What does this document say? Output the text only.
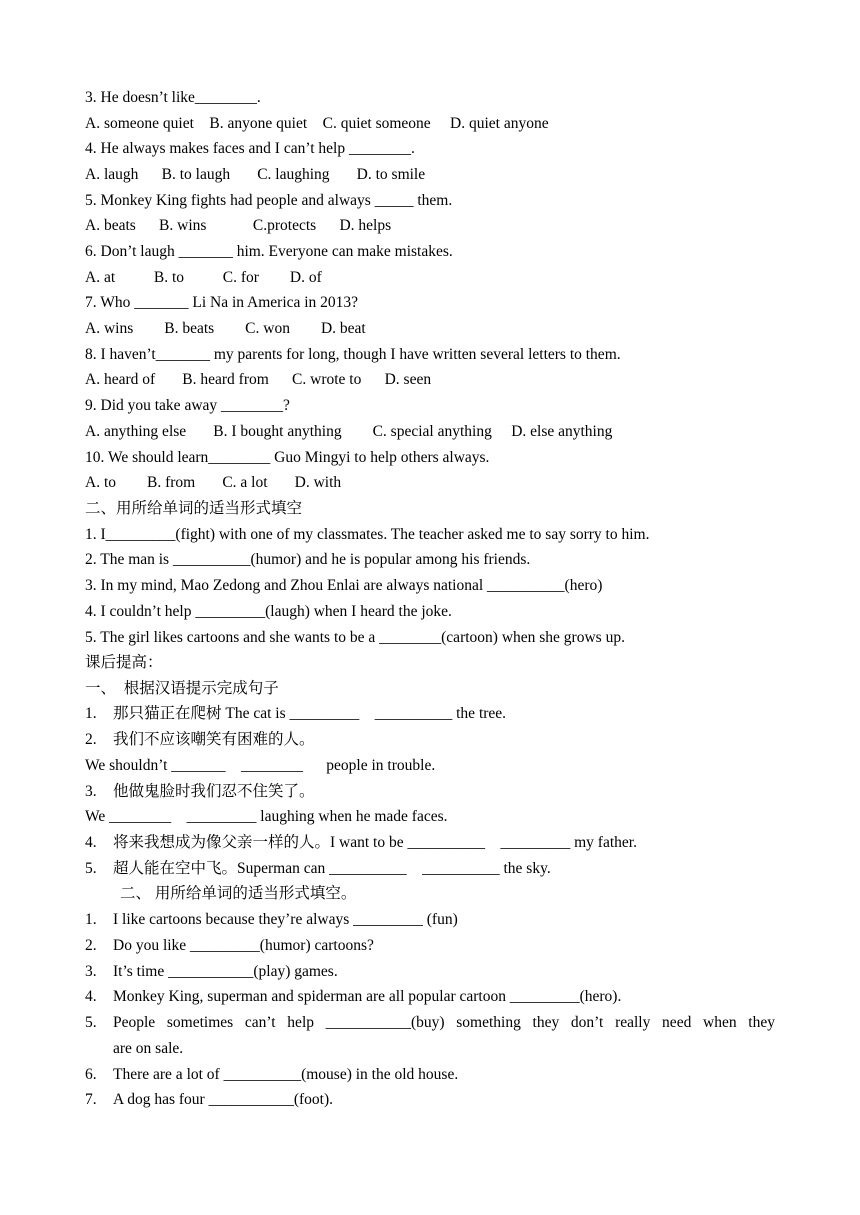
3. He doesn’t like________.
A. someone quiet    B. anyone quiet    C. quiet someone     D. quiet anyone
4. He always makes faces and I can’t help ________.
A. laugh      B. to laugh       C. laughing       D. to smile
5. Monkey King fights had people and always _____ them.
A. beats      B. wins            C.protects      D. helps
6. Don’t laugh _______ him. Everyone can make mistakes.
A. at          B. to          C. for        D. of
7. Who _______ Li Na in America in 2013?
A. wins        B. beats        C. won        D. beat
8. I haven’t_______ my parents for long, though I have written several letters to them.
A. heard of       B. heard from      C. wrote to      D. seen
9. Did you take away ________?
A. anything else       B. I bought anything        C. special anything     D. else anything
10. We should learn________ Guo Mingyi to help others always.
A. to        B. from       C. a lot       D. with
二、用所给单词的适当形式填空
1. I_________(fight) with one of my classmates. The teacher asked me to say sorry to him.
2. The man is __________(humor) and he is popular among his friends.
3. In my mind, Mao Zedong and Zhou Enlai are always national __________(hero)
4. I couldn’t help _________(laugh) when I heard the joke.
5. The girl likes cartoons and she wants to be a ________(cartoon) when she grows up.
课后提高：
一、  根据汉语提示完成句子
1. 那只猫正在爬树 The cat is _________    __________ the tree.
2. 我们不应该嘲笑有困难的人。
We shouldn’t _______    ________      people in trouble.
3. 他做鬼脸时我们忍不住笑了。
We ________    _________ laughing when he made faces.
4. 将来我想成为像父亲一样的人。I want to be __________    _________ my father.
5. 超人能在空中飞。Superman can __________    __________ the sky.
二、 用所给单词的适当形式填空。
1. I like cartoons because they’re always _________ (fun)
2. Do you like _________(humor) cartoons?
3. It’s time ___________(play) games.
4. Monkey King, superman and spiderman are all popular cartoon _________(hero).
5. People sometimes can’t help ___________(buy) something they don’t really need when they
are on sale.
6. There are a lot of __________(mouse) in the old house.
7. A dog has four ___________(foot).
